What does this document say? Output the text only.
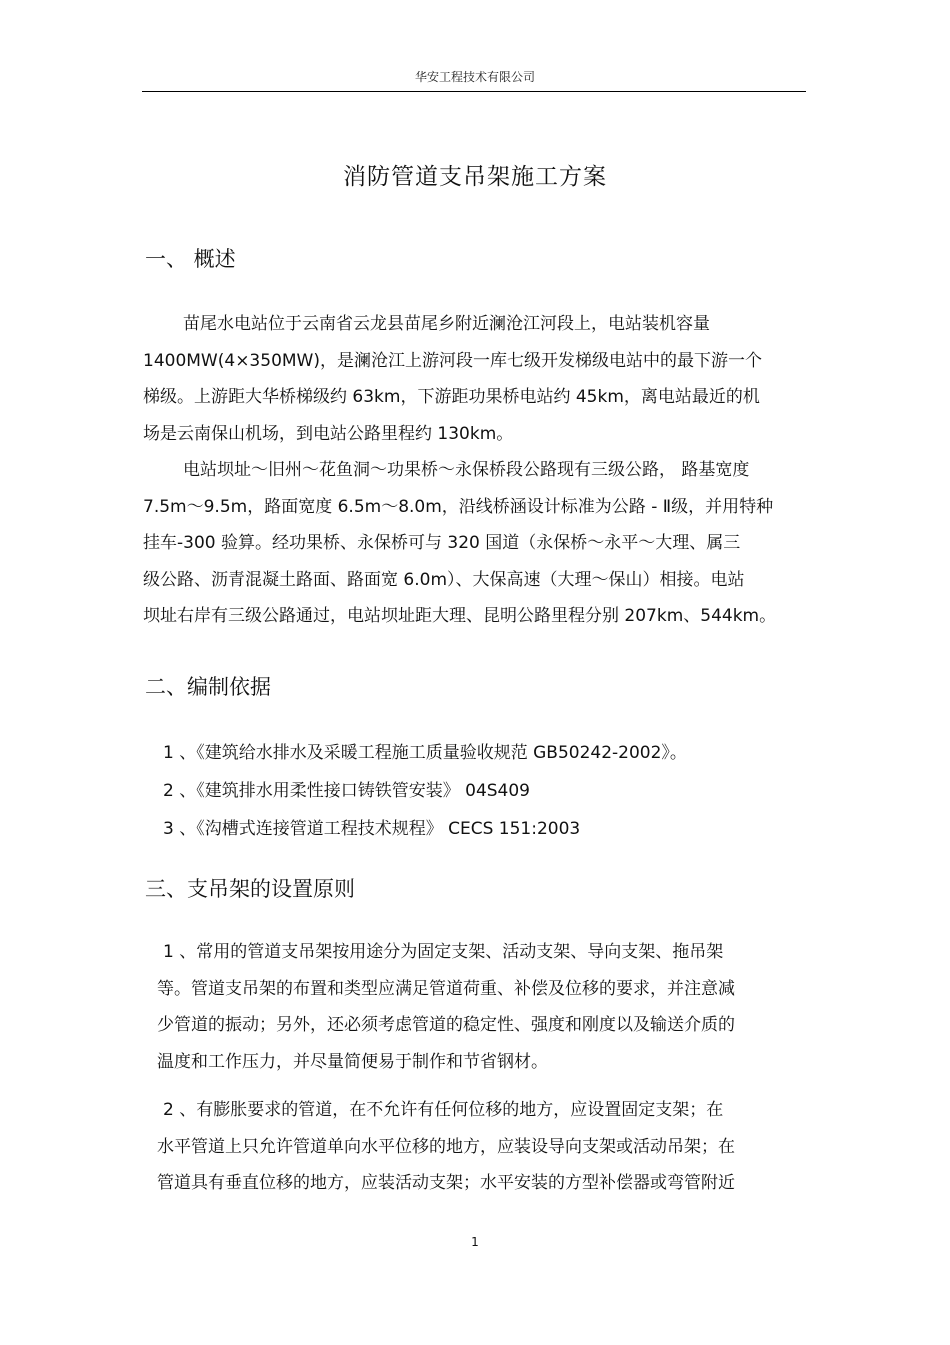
华安工程技术有限公司
消防管道支吊架施工方案
一、 概述
苗尾水电站位于云南省云龙县苗尾乡附近澜沧江河段上，电站装机容量
1400MW(4×350MW)，是澜沧江上游河段一库七级开发梯级电站中的最下游一个
梯级。上游距大华桥梯级约 63km，下游距功果桥电站约 45km，离电站最近的机
场是云南保山机场，到电站公路里程约 130km。
电站坝址～旧州～花鱼洞～功果桥～永保桥段公路现有三级公路， 路基宽度
7.5m～9.5m，路面宽度 6.5m～8.0m，沿线桥涵设计标准为公路 - Ⅱ级，并用特种
挂车-300 验算。经功果桥、永保桥可与 320 国道（永保桥～永平～大理、属三
级公路、沥青混凝土路面、路面宽 6.0m）、大保高速（大理～保山）相接。电站
坝址右岸有三级公路通过，电站坝址距大理、昆明公路里程分别 207km、544km。
二、编制依据
1 、《建筑给水排水及采暖工程施工质量验收规范 GB50242-2002》。
2 、《建筑排水用柔性接口铸铁管安装》 04S409
3 、《沟槽式连接管道工程技术规程》 CECS 151:2003
三、支吊架的设置原则
1 、常用的管道支吊架按用途分为固定支架、活动支架、导向支架、拖吊架
等。管道支吊架的布置和类型应满足管道荷重、补偿及位移的要求，并注意减
少管道的振动；另外，还必须考虑管道的稳定性、强度和刚度以及输送介质的
温度和工作压力，并尽量简便易于制作和节省钢材。
2 、有膨胀要求的管道，在不允许有任何位移的地方，应设置固定支架；在
水平管道上只允许管道单向水平位移的地方，应装设导向支架或活动吊架；在
管道具有垂直位移的地方，应装活动支架；水平安装的方型补偿器或弯管附近
1
